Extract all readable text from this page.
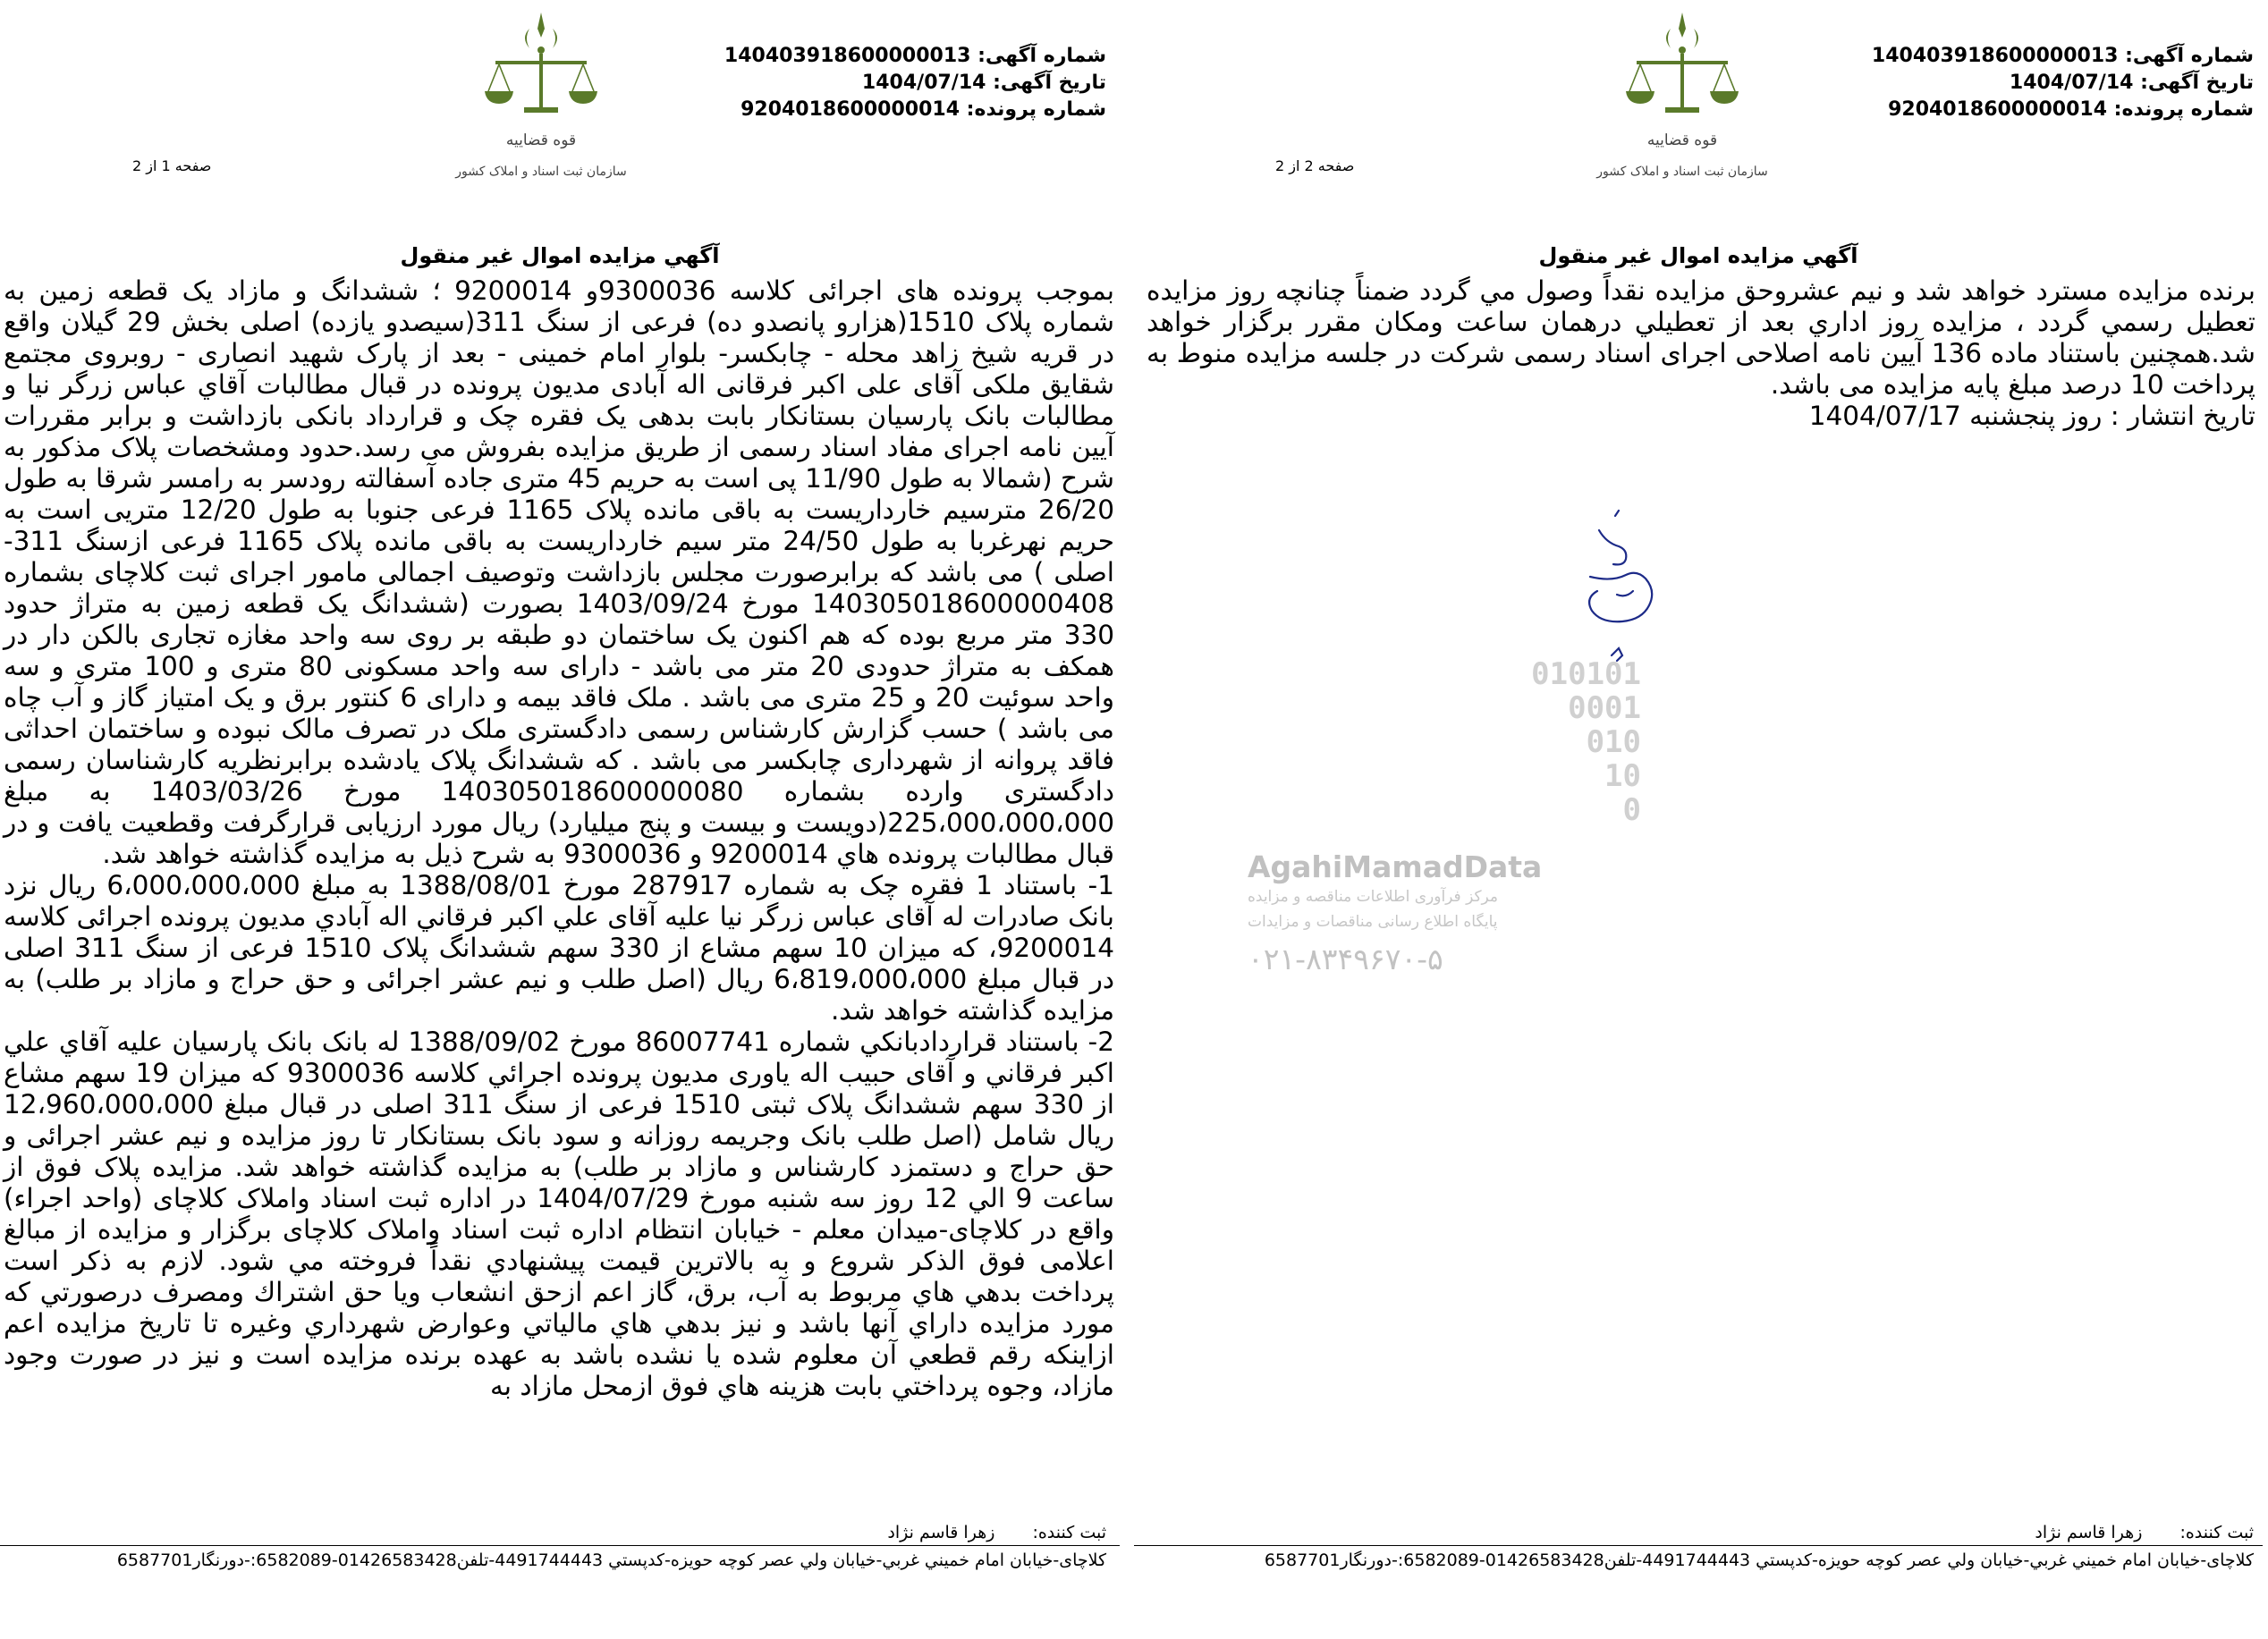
شماره آگهی: 140403918600000013
تاریخ آگهی: 1404/07/14
شماره پرونده: 9204018600000014
قوه قضاییه
سازمان ثبت اسناد و املاک کشور
صفحه 2 از 2
آگهي مزايده اموال غير منقول

برنده مزايده مسترد خواهد شد و نيم عشروحق مزايده نقداً وصول مي گردد ضمناً چنانچه روز مزايده تعطيل رسمي گردد ، مزايده روز اداري بعد از تعطيلي درهمان ساعت ومكان مقرر برگزار خواهد شد.همچنین باستناد ماده 136 آیین نامه اصلاحی اجرای اسناد رسمی شرکت در جلسه مزایده منوط به پرداخت 10 درصد مبلغ پایه مزایده می باشد.

تاریخ انتشار : روز پنجشنبه 1404/07/17

ثبت کننده: زهرا قاسم نژاد
کلاچای-خیابان امام خمیني غربي-خيابان ولي عصر كوچه حويزه-کدپستي 4491744443-تلفن01426583428-6582089:-دورنگار6587701
شماره آگهی: 140403918600000013
تاریخ آگهی: 1404/07/14
شماره پرونده: 9204018600000014
قوه قضاییه
سازمان ثبت اسناد و املاک کشور
صفحه 1 از 2
آگهي مزايده اموال غير منقول

بموجب پرونده های اجرائی کلاسه 9300036و 9200014 ؛ ششدانگ و مازاد یک قطعه زمین به شماره پلاک 1510(هزارو پانصدو ده) فرعی از سنگ 311(سیصدو یازده) اصلی بخش 29 گیلان واقع در قریه شیخ زاهد محله - چابکسر- بلوار امام خمینی - بعد از پارک شهید انصاری - روبروی مجتمع شقایق ملکی آقای علی اکبر فرقانی اله آبادی مدیون پرونده در قبال مطالبات آقاي عباس زرگر نیا و مطالبات بانک پارسیان بستانکار بابت بدهی یک فقره چک و قرارداد بانکی بازداشت و برابر مقررات آیین نامه اجرای مفاد اسناد رسمی از طریق مزایده بفروش می رسد.حدود ومشخصات پلاک مذکور به شرح (شمالا به طول 11/90 پی است به حریم 45 متری جاده آسفالته رودسر به رامسر شرقا به طول 26/20 مترسیم خارداریست به باقی مانده پلاک 1165 فرعی جنوبا به طول 12/20 متریی است به حریم نهرغربا به طول 24/50 متر سیم خارداریست به باقی مانده پلاک 1165 فرعی ازسنگ 311-اصلی ) می باشد که برابرصورت مجلس بازداشت وتوصیف اجمالی مامور اجرای ثبت کلاچای بشماره 140305018600000408 مورخ 1403/09/24 بصورت (ششدانگ یک قطعه زمین به متراژ حدود 330 متر مربع بوده که هم اکنون یک ساختمان دو طبقه بر روی سه واحد مغازه تجاری بالکن دار در همکف به متراژ حدودی 20 متر می باشد - دارای سه واحد مسکونی 80 متری و 100 متری و سه واحد سوئیت 20 و 25 متری می باشد . ملک فاقد بیمه و دارای 6 کنتور برق و یک امتیاز گاز و آب چاه می باشد ) حسب گزارش کارشناس رسمی دادگستری ملک در تصرف مالک نبوده و ساختمان احداثی فاقد پروانه از شهرداری چابکسر می باشد . که ششدانگ پلاک یادشده برابرنظریه کارشناسان رسمی دادگستری وارده بشماره 140305018600000080 مورخ 1403/03/26 به مبلغ 225،000،000،000(دویست و بیست و پنج میلیارد) ریال مورد ارزیابی قرارگرفت وقطعیت یافت و در قبال مطالبات پرونده هاي 9200014 و 9300036 به شرح ذیل به مزایده گذاشته خواهد شد.

1- باستناد 1 فقره چک به شماره 287917 مورخ 1388/08/01 به مبلغ 6،000،000،000 ریال نزد بانک صادرات له آقای عباس زرگر نیا علیه آقای علي اکبر فرقاني اله آبادي مدیون پرونده اجرائی کلاسه 9200014، که میزان 10 سهم مشاع از 330 سهم ششدانگ پلاک 1510 فرعی از سنگ 311 اصلی در قبال مبلغ 6،819،000،000 ریال (اصل طلب و نیم عشر اجرائی و حق حراج و مازاد بر طلب) به مزایده گذاشته خواهد شد.

2- باستناد قراردادبانکي شماره 86007741 مورخ 1388/09/02 له بانک بانک پارسيان علیه آقاي علي اکبر فرقاني و آقای حبیب اله یاوری مدیون پرونده اجرائي کلاسه 9300036 که میزان 19 سهم مشاع از 330 سهم ششدانگ پلاک ثبتی 1510 فرعی از سنگ 311 اصلی در قبال مبلغ 12،960،000،000 ریال شامل (اصل طلب بانک وجریمه روزانه و سود بانک بستانکار تا روز مزایده و نیم عشر اجرائی و حق حراج و دستمزد کارشناس و مازاد بر طلب) به مزایده گذاشته خواهد شد. مزايده پلاک فوق از ساعت 9 الي 12 روز سه شنبه مورخ 1404/07/29 در اداره ثبت اسناد واملاک کلاچای (واحد اجراء) واقع در کلاچای-میدان معلم - خیابان انتظام اداره ثبت اسناد واملاک کلاچای برگزار و مزايده از مبالغ اعلامی فوق الذکر شروع و به بالاترين قيمت پيشنهادي نقداً فروخته مي شود. لازم به ذکر است پرداخت بدهي هاي مربوط به آب، برق، گاز اعم ازحق انشعاب ويا حق اشتراك ومصرف درصورتي كه مورد مزايده داراي آنها باشد و نيز بدهي هاي مالياتي وعوارض شهرداري وغيره تا تاريخ مزايده اعم ازاينكه رقم قطعي آن معلوم شده يا نشده باشد به عهده برنده مزايده است و نيز در صورت وجود مازاد، وجوه پرداختي بابت هزينه هاي فوق ازمحل مازاد به

ثبت کننده: زهرا قاسم نژاد
کلاچای-خیابان امام خمیني غربي-خيابان ولي عصر كوچه حويزه-کدپستي 4491744443-تلفن01426583428-6582089:-دورنگار6587701
010101
0001
010
10
0
AgahiMamadData
مرکز فرآوری اطلاعات مناقصه و مزایده
پایگاه اطلاع رسانی مناقصات و مزایدات
۰۲۱-۸۳۴۹۶۷۰-۵
